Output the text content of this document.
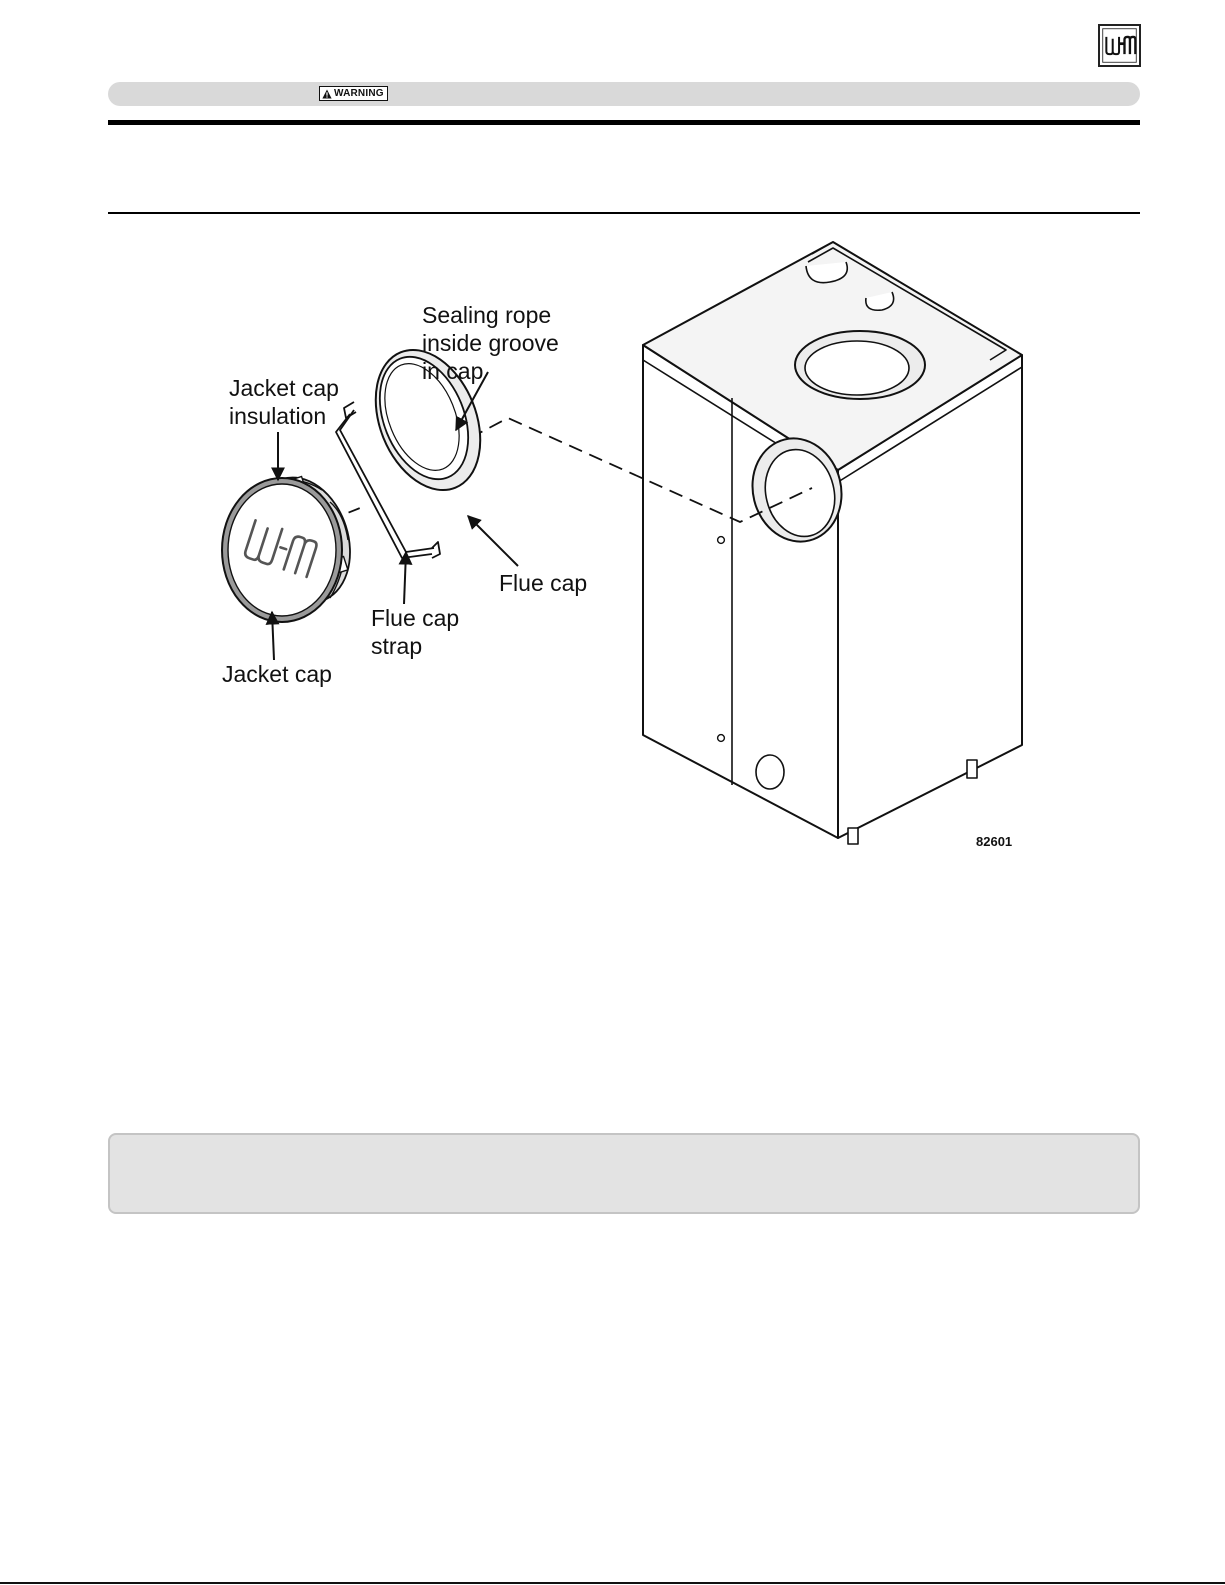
WARNING
Sealing rope
inside groove
in cap
Jacket cap
insulation
Flue cap
Flue cap
strap
Jacket cap
82601
